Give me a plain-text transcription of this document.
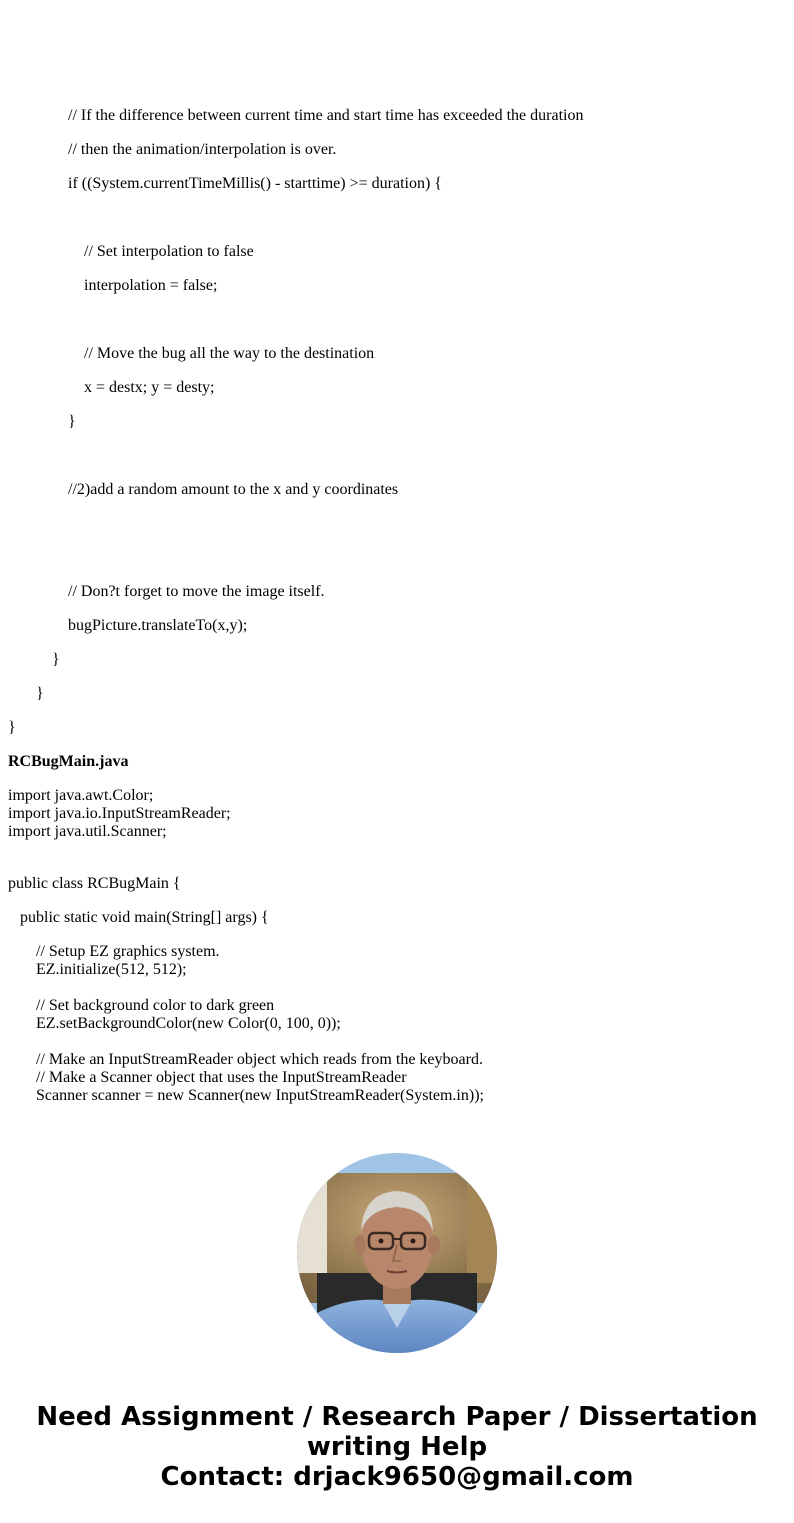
// If the difference between current time and start time has exceeded the duration
// then the animation/interpolation is over.
if ((System.currentTimeMillis() - starttime) >= duration) {
// Set interpolation to false
interpolation = false;
// Move the bug all the way to the destination
x = destx; y = desty;
}
//2)add a random amount to the x and y coordinates
// Don?t forget to move the image itself.
bugPicture.translateTo(x,y);
}
}
}
RCBugMain.java
import java.awt.Color;
import java.io.InputStreamReader;
import java.util.Scanner;
public class RCBugMain {
public static void main(String[] args) {
// Setup EZ graphics system.
EZ.initialize(512, 512);
// Set background color to dark green
EZ.setBackgroundColor(new Color(0, 100, 0));
// Make an InputStreamReader object which reads from the keyboard.
// Make a Scanner object that uses the InputStreamReader
Scanner scanner = new Scanner(new InputStreamReader(System.in));
Need Assignment / Research Paper / Dissertation
writing Help
Contact: drjack9650@gmail.com
